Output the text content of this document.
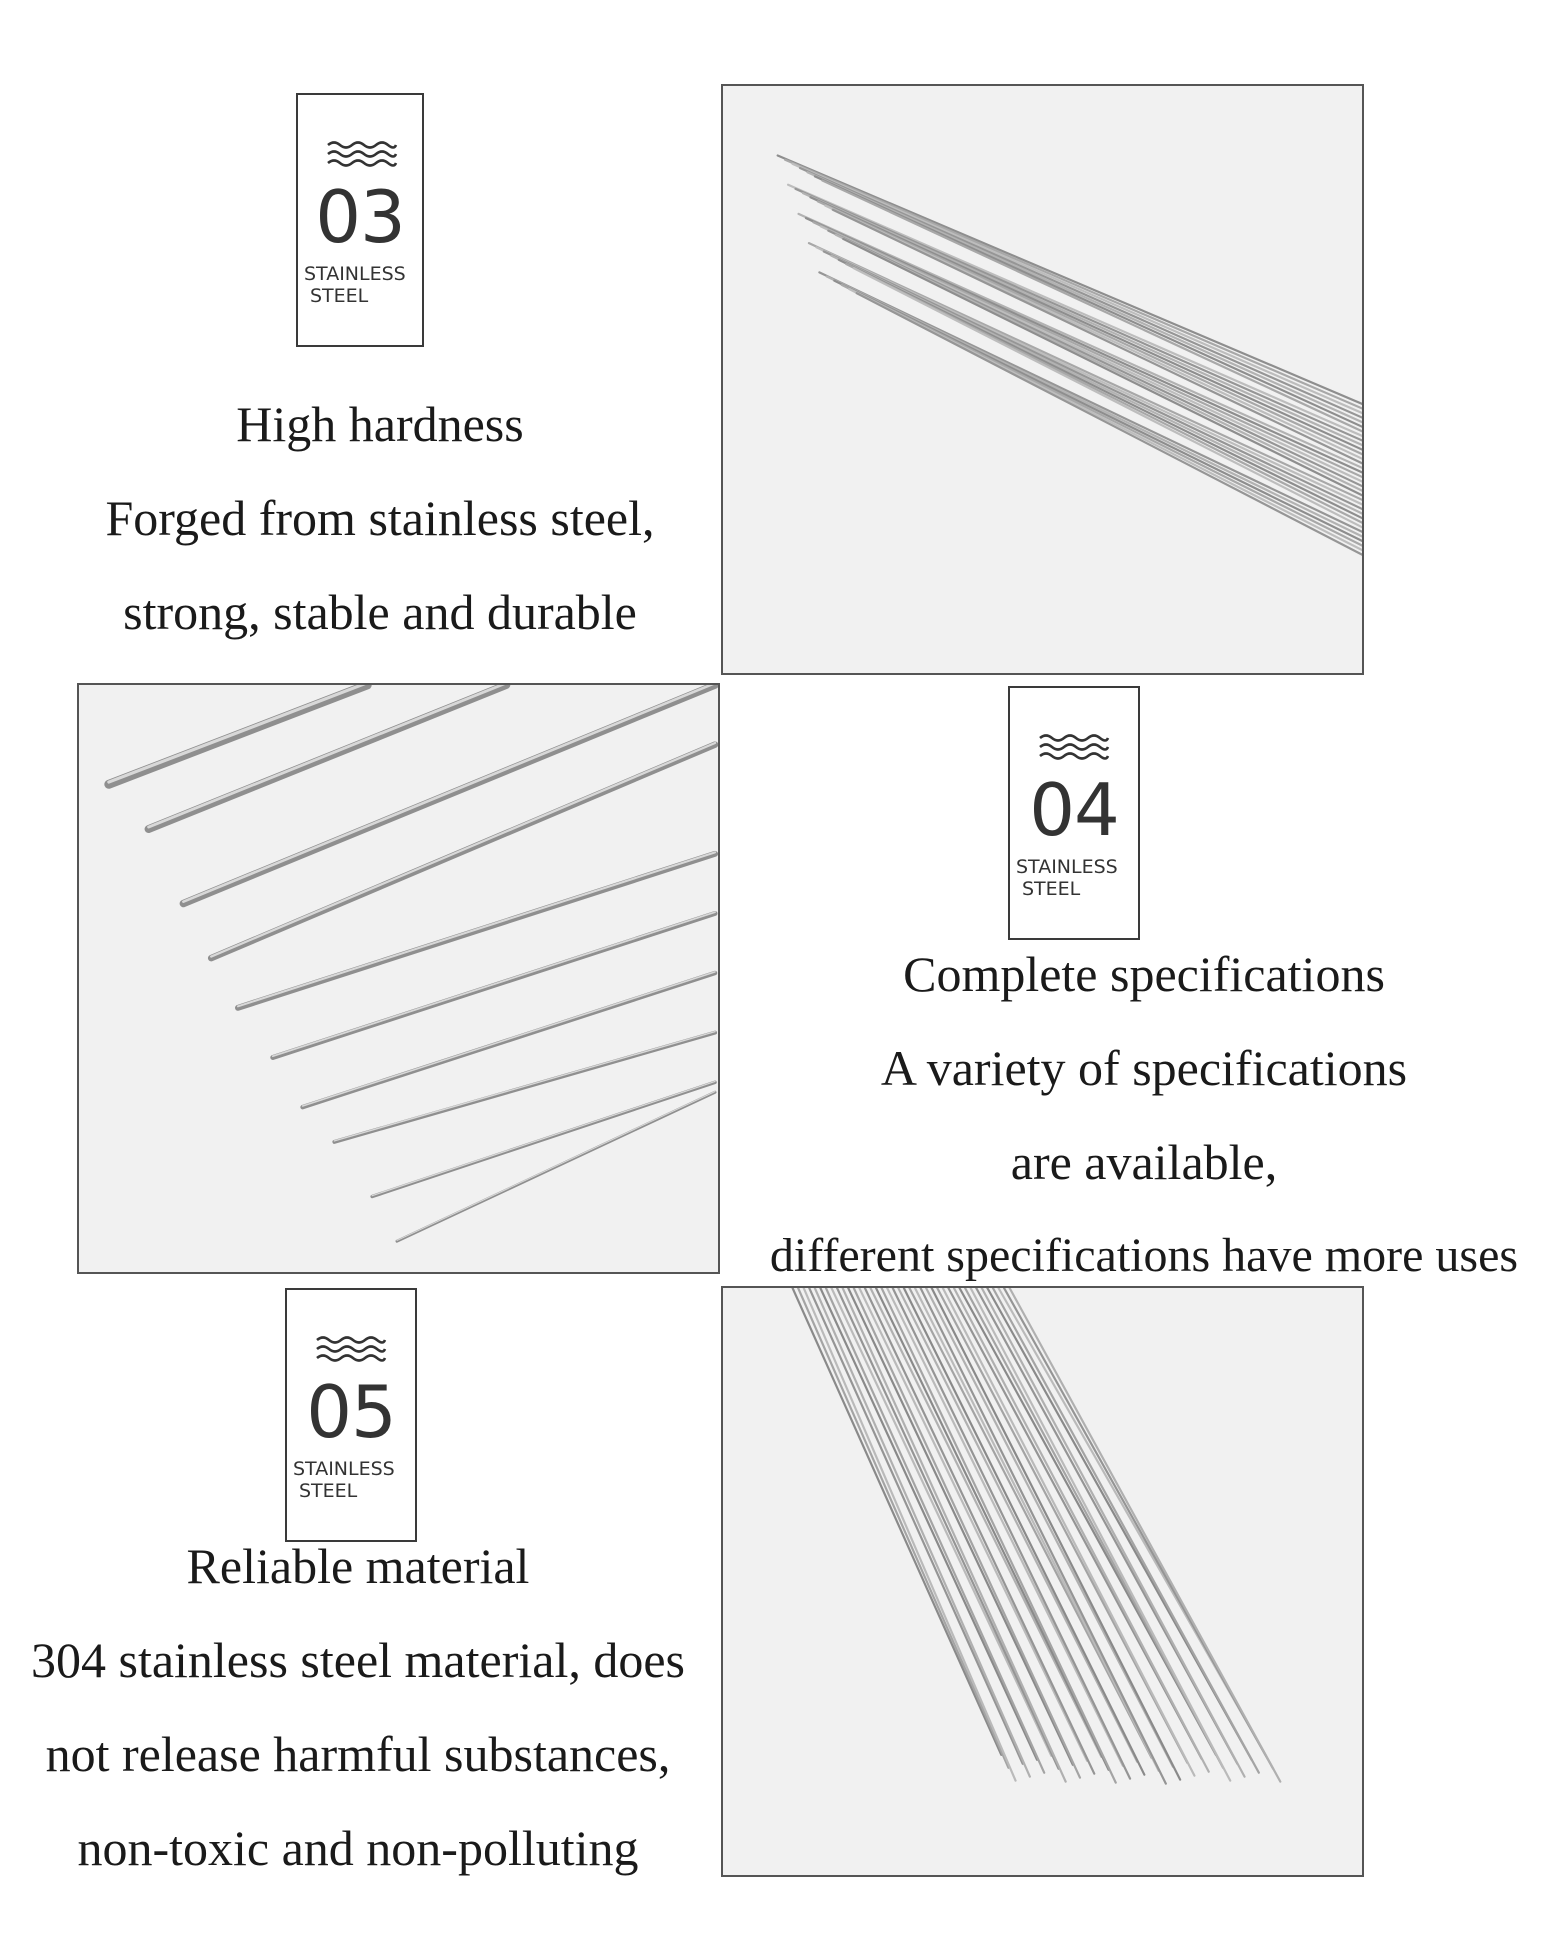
03
STAINLESS
STEEL
High hardness
Forged from stainless steel,
strong, stable and durable
04
STAINLESS
STEEL
Complete specifications
A variety of specifications
are available,
different specifications have more uses
05
STAINLESS
STEEL
Reliable material
304 stainless steel material, does
not release harmful substances,
non-toxic and non-polluting
